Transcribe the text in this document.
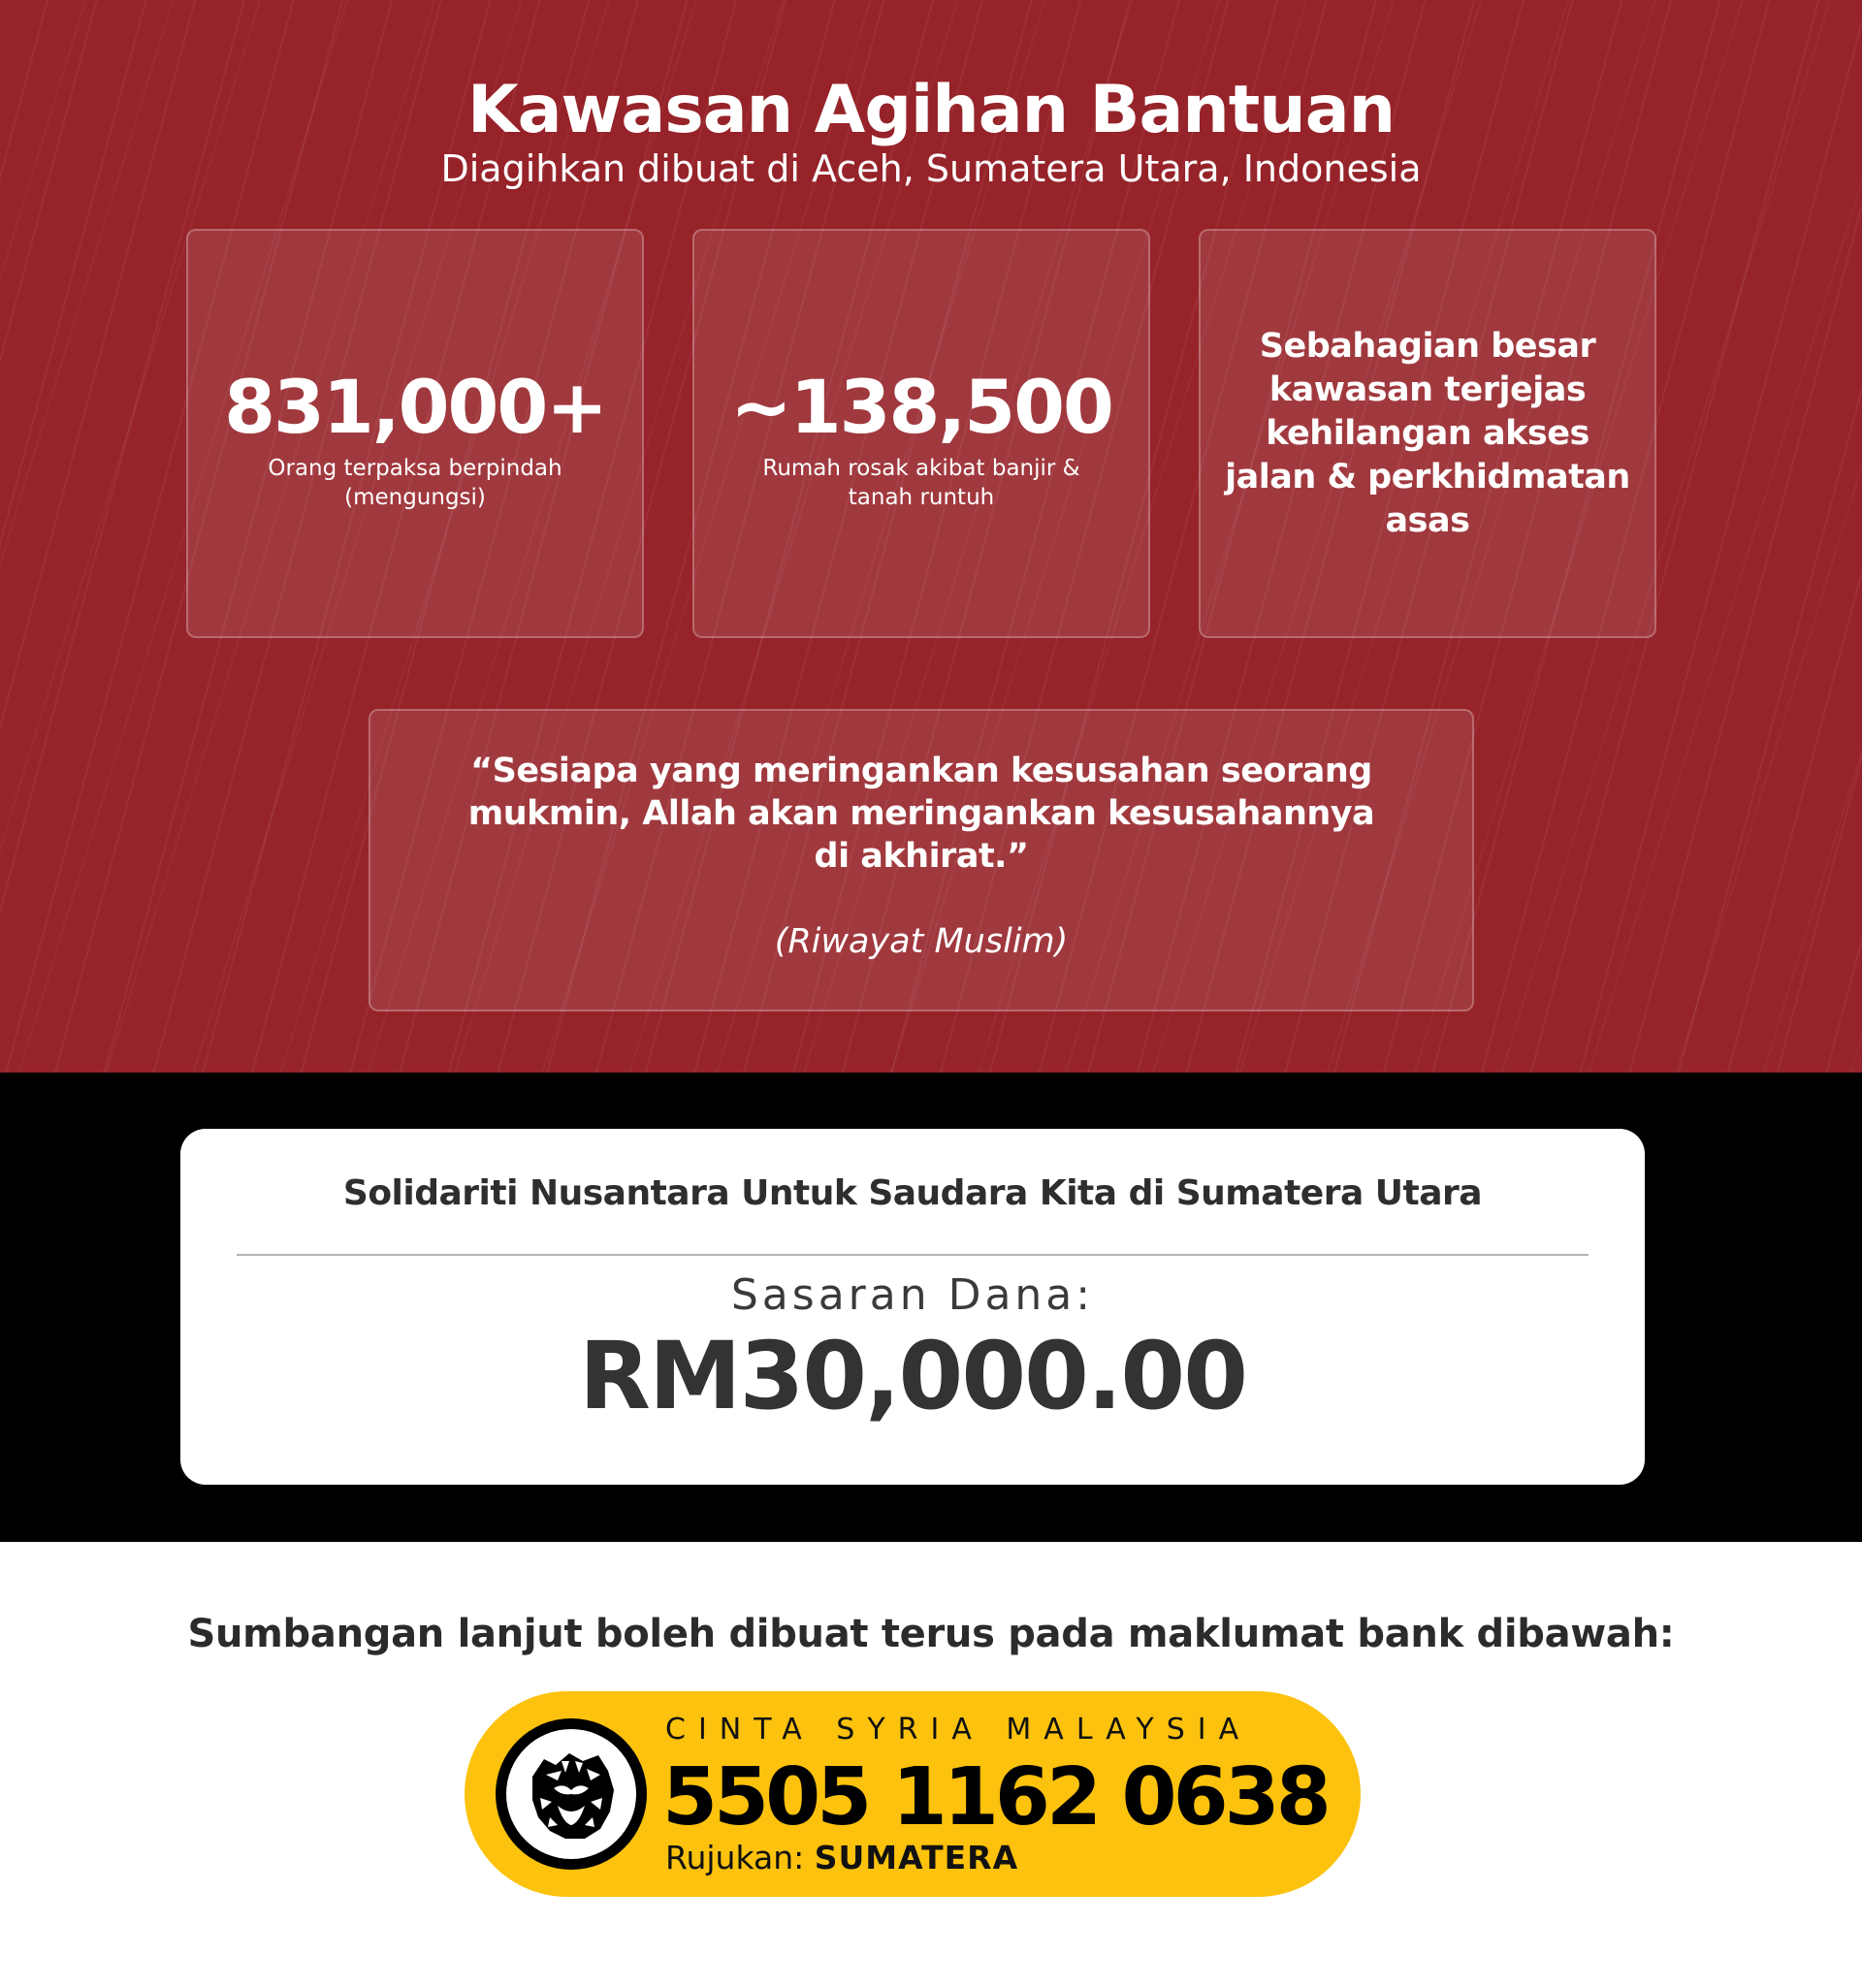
Kawasan Agihan Bantuan
Diagihkan dibuat di Aceh, Sumatera Utara, Indonesia
831,000+
Orang terpaksa berpindah (mengungsi)
~138,500
Rumah rosak akibat banjir & tanah runtuh
Sebahagian besar kawasan terjejas kehilangan akses jalan & perkhidmatan asas
“Sesiapa yang meringankan kesusahan seorang mukmin, Allah akan meringankan kesusahannya di akhirat.”
(Riwayat Muslim)
Solidariti Nusantara Untuk Saudara Kita di Sumatera Utara
Sasaran Dana:
RM30,000.00
Sumbangan lanjut boleh dibuat terus pada maklumat bank dibawah:
CINTA SYRIA MALAYSIA
5505 1162 0638
Rujukan: SUMATERA
